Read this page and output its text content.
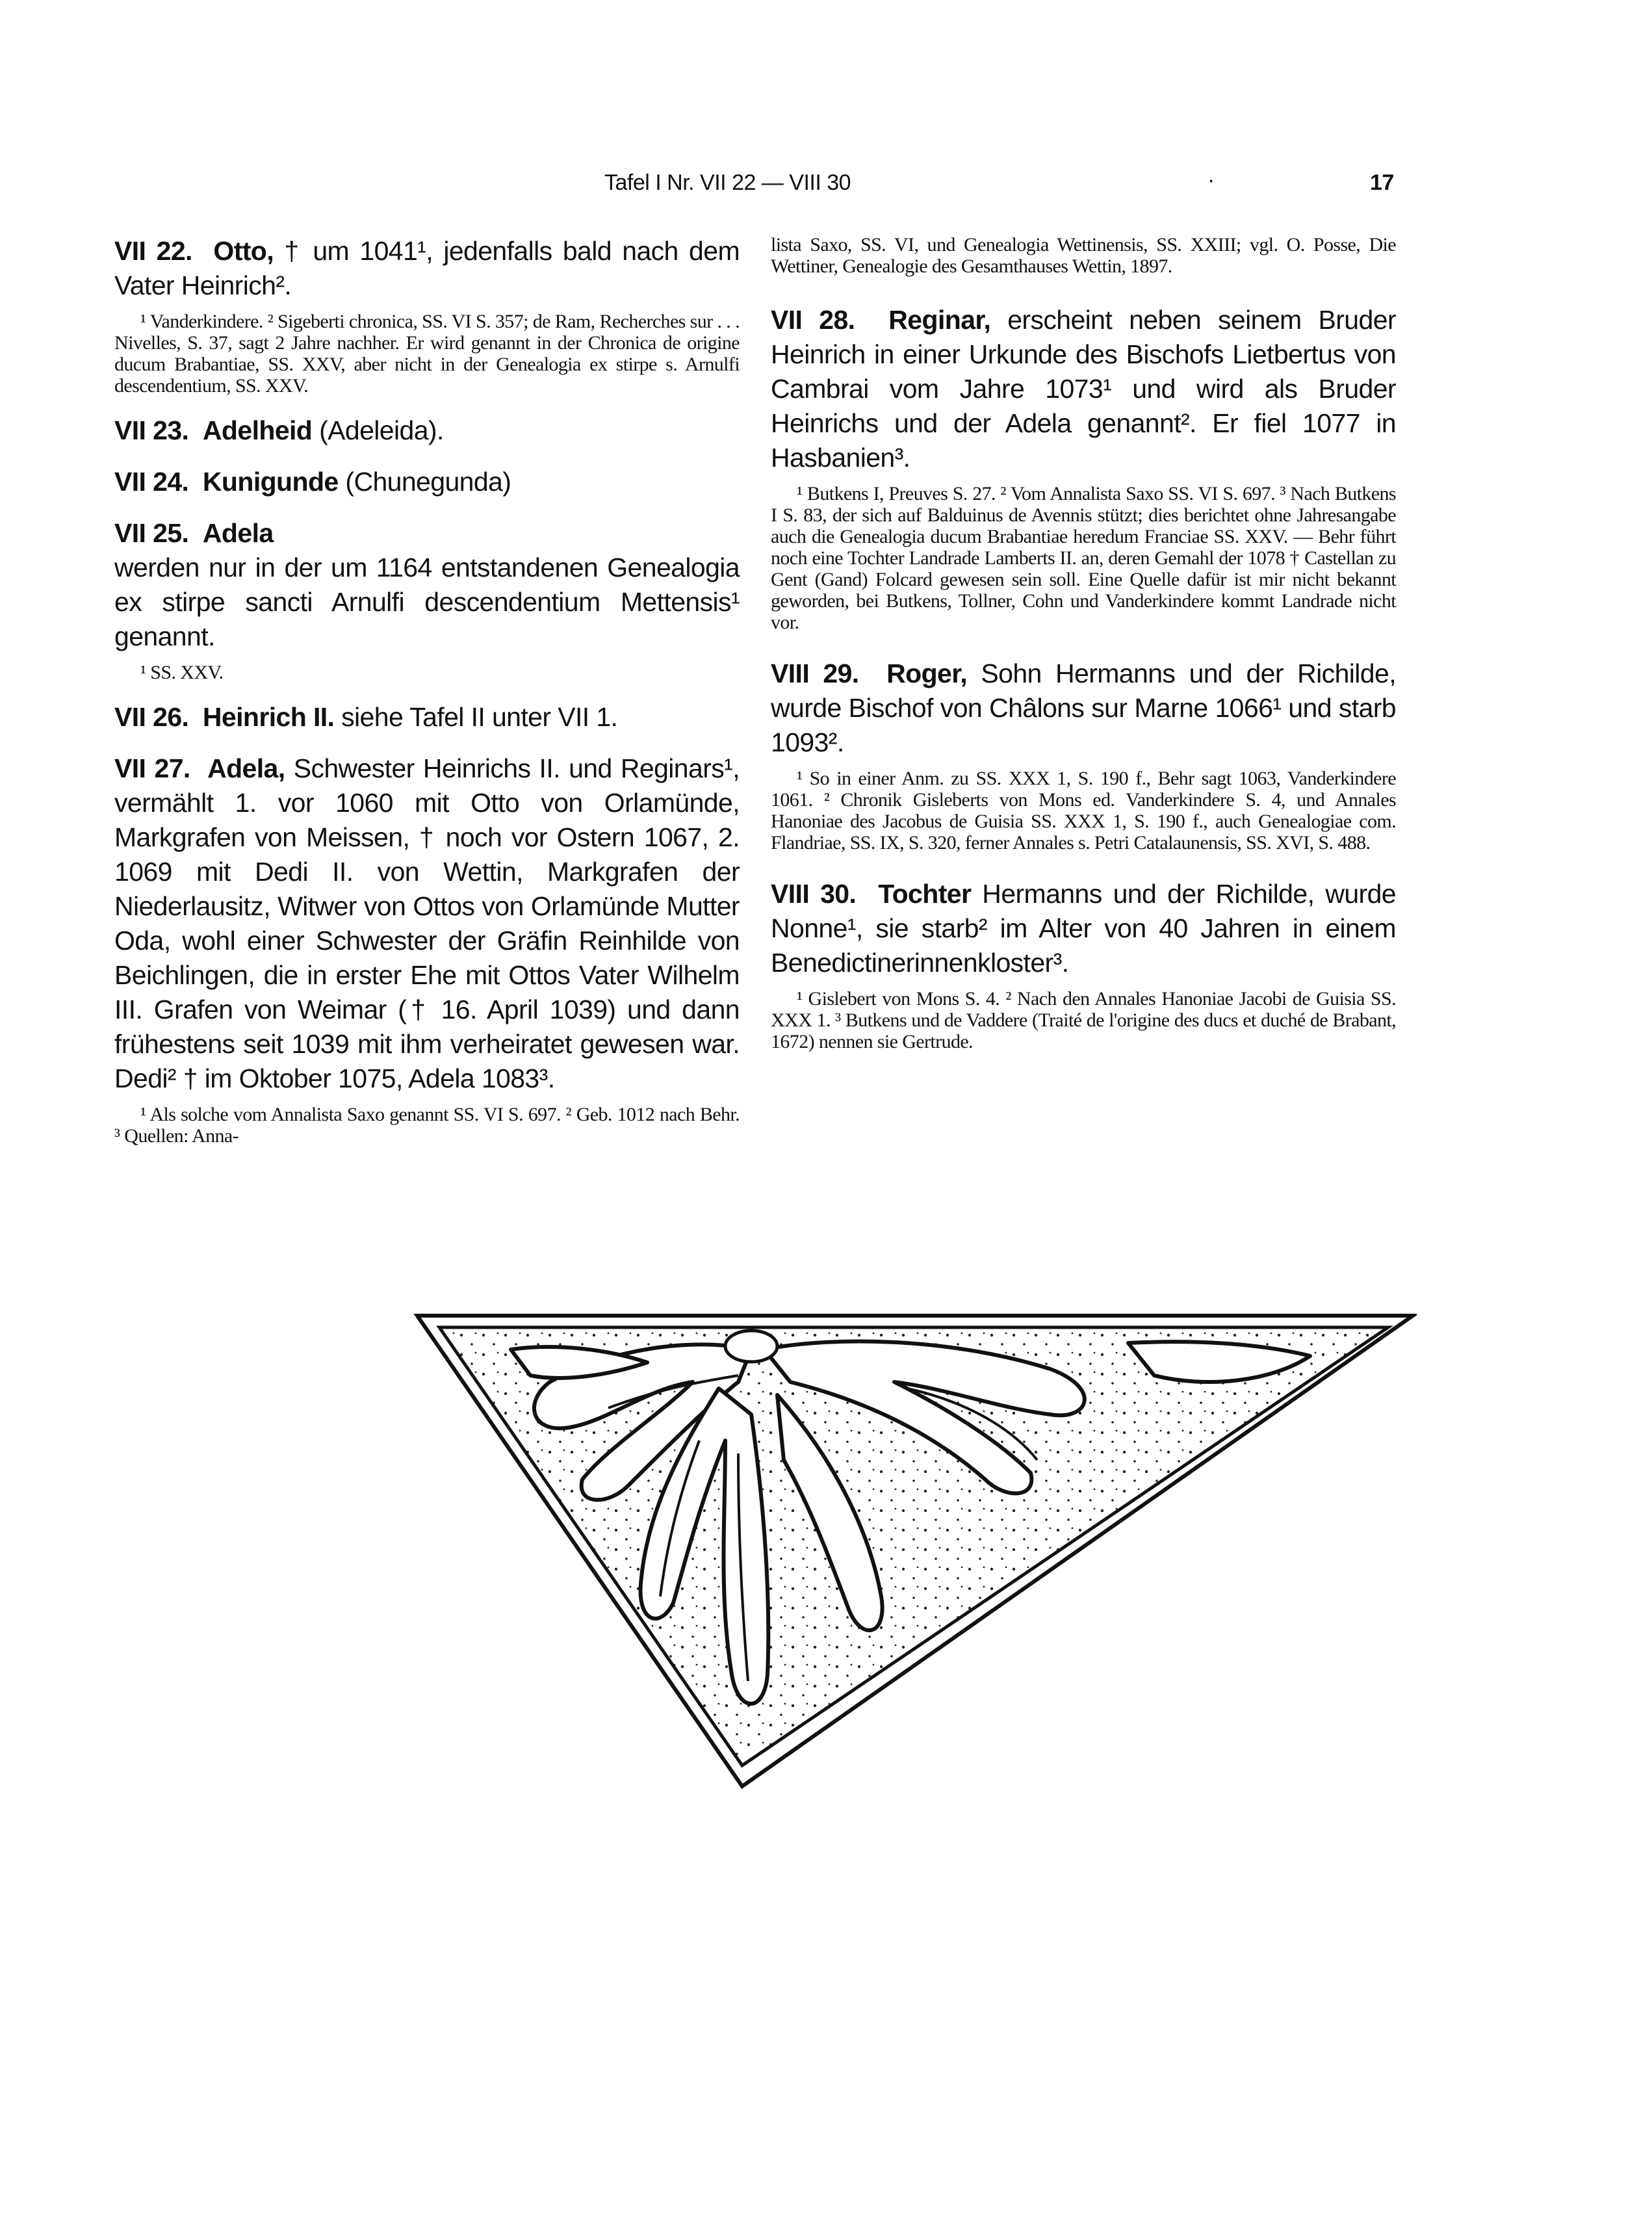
Tafel I Nr. VII 22 — VIII 30	·	17

VII 22. Otto, † um 1041¹, jedenfalls bald nach dem Vater Heinrich².

¹ Vanderkindere. ² Sigeberti chronica, SS. VI S. 357; de Ram, Recherches sur . . . Nivelles, S. 37, sagt 2 Jahre nachher. Er wird genannt in der Chronica de origine ducum Brabantiae, SS. XXV, aber nicht in der Genealogia ex stirpe s. Arnulfi descendentium, SS. XXV.

VII 23. Adelheid (Adeleida).

VII 24. Kunigunde (Chunegunda)

VII 25. Adela
werden nur in der um 1164 entstandenen Genealogia ex stirpe sancti Arnulfi descendentium Mettensis¹ genannt.

¹ SS. XXV.

VII 26. Heinrich II. siehe Tafel II unter VII 1.

VII 27. Adela, Schwester Heinrichs II. und Reginars¹, vermählt 1. vor 1060 mit Otto von Orlamünde, Markgrafen von Meissen, † noch vor Ostern 1067, 2. 1069 mit Dedi II. von Wettin, Markgrafen der Niederlausitz, Witwer von Ottos von Orlamünde Mutter Oda, wohl einer Schwester der Gräfin Reinhilde von Beichlingen, die in erster Ehe mit Ottos Vater Wilhelm III. Grafen von Weimar († 16. April 1039) und dann frühestens seit 1039 mit ihm verheiratet gewesen war. Dedi² † im Oktober 1075, Adela 1083³.

¹ Als solche vom Annalista Saxo genannt SS. VI S. 697. ² Geb. 1012 nach Behr. ³ Quellen: Anna-

lista Saxo, SS. VI, und Genealogia Wettinensis, SS. XXIII; vgl. O. Posse, Die Wettiner, Genealogie des Gesamthauses Wettin, 1897.

VII 28. Reginar, erscheint neben seinem Bruder Heinrich in einer Urkunde des Bischofs Lietbertus von Cambrai vom Jahre 1073¹ und wird als Bruder Heinrichs und der Adela genannt². Er fiel 1077 in Hasbanien³.

¹ Butkens I, Preuves S. 27. ² Vom Annalista Saxo SS. VI S. 697. ³ Nach Butkens I S. 83, der sich auf Balduinus de Avennis stützt; dies berichtet ohne Jahresangabe auch die Genealogia ducum Brabantiae heredum Franciae SS. XXV. — Behr führt noch eine Tochter Landrade Lamberts II. an, deren Gemahl der 1078 † Castellan zu Gent (Gand) Folcard gewesen sein soll. Eine Quelle dafür ist mir nicht bekannt geworden, bei Butkens, Tollner, Cohn und Vanderkindere kommt Landrade nicht vor.

VIII 29. Roger, Sohn Hermanns und der Richilde, wurde Bischof von Châlons sur Marne 1066¹ und starb 1093².

¹ So in einer Anm. zu SS. XXX 1, S. 190 f., Behr sagt 1063, Vanderkindere 1061. ² Chronik Gisleberts von Mons ed. Vanderkindere S. 4, und Annales Hanoniae des Jacobus de Guisia SS. XXX 1, S. 190 f., auch Genealogiae com. Flandriae, SS. IX, S. 320, ferner Annales s. Petri Catalaunensis, SS. XVI, S. 488.

VIII 30. Tochter Hermanns und der Richilde, wurde Nonne¹, sie starb² im Alter von 40 Jahren in einem Benedictinerinnenkloster³.

¹ Gislebert von Mons S. 4. ² Nach den Annales Hanoniae Jacobi de Guisia SS. XXX 1. ³ Butkens und de Vaddere (Traité de l'origine des ducs et duché de Brabant, 1672) nennen sie Gertrude.
